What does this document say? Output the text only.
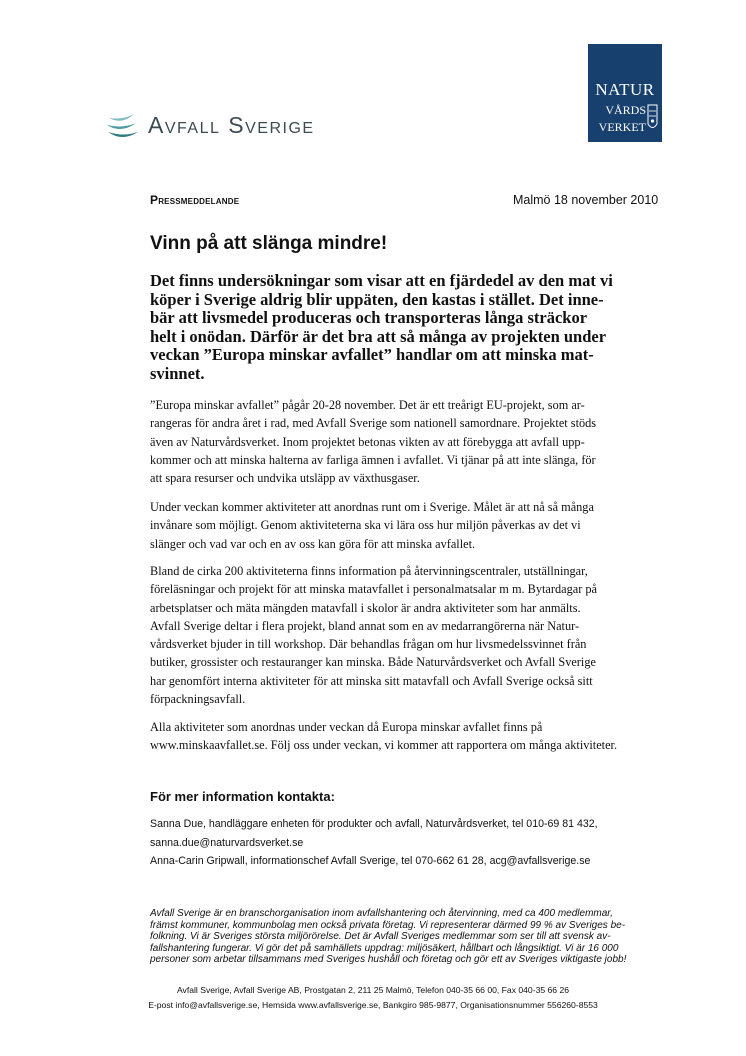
Avfall Sverige
NATUR
VÅRDS
VERKET
Pressmeddelande	Malmö 18 november 2010
Vinn på att slänga mindre!
Det finns undersökningar som visar att en fjärdedel av den mat vi
köper i Sverige aldrig blir uppäten, den kastas i stället. Det inne-
bär att livsmedel produceras och transporteras långa sträckor
helt i onödan. Därför är det bra att så många av projekten under
veckan ”Europa minskar avfallet” handlar om att minska mat-
svinnet.
”Europa minskar avfallet” pågår 20-28 november. Det är ett treårigt EU-projekt, som ar-
rangeras för andra året i rad, med Avfall Sverige som nationell samordnare. Projektet stöds
även av Naturvårdsverket. Inom projektet betonas vikten av att förebygga att avfall upp-
kommer och att minska halterna av farliga ämnen i avfallet. Vi tjänar på att inte slänga, för
att spara resurser och undvika utsläpp av växthusgaser.
Under veckan kommer aktiviteter att anordnas runt om i Sverige. Målet är att nå så många
invånare som möjligt. Genom aktiviteterna ska vi lära oss hur miljön påverkas av det vi
slänger och vad var och en av oss kan göra för att minska avfallet.
Bland de cirka 200 aktiviteterna finns information på återvinningscentraler, utställningar,
föreläsningar och projekt för att minska matavfallet i personalmatsalar m m. Bytardagar på
arbetsplatser och mäta mängden matavfall i skolor är andra aktiviteter som har anmälts.
Avfall Sverige deltar i flera projekt, bland annat som en av medarrangörerna när Natur-
vårdsverket bjuder in till workshop. Där behandlas frågan om hur livsmedelssvinnet från
butiker, grossister och restauranger kan minska. Både Naturvårdsverket och Avfall Sverige
har genomfört interna aktiviteter för att minska sitt matavfall och Avfall Sverige också sitt
förpackningsavfall.
Alla aktiviteter som anordnas under veckan då Europa minskar avfallet finns på
www.minskaavfallet.se. Följ oss under veckan, vi kommer att rapportera om många aktiviteter.
För mer information kontakta:
Sanna Due, handläggare enheten för produkter och avfall, Naturvårdsverket, tel 010-69 81 432,
sanna.due@naturvardsverket.se
Anna-Carin Gripwall, informationschef Avfall Sverige, tel 070-662 61 28, acg@avfallsverige.se
Avfall Sverige är en branschorganisation inom avfallshantering och återvinning, med ca 400 medlemmar,
främst kommuner, kommunbolag men också privata företag. Vi representerar därmed 99 % av Sveriges be-
folkning. Vi är Sveriges största miljörörelse. Det är Avfall Sveriges medlemmar som ser till att svensk av-
fallshantering fungerar. Vi gör det på samhällets uppdrag: miljösäkert, hållbart och långsiktigt. Vi är 16 000
personer som arbetar tillsammans med Sveriges hushåll och företag och gör ett av Sveriges viktigaste jobb!
Avfall Sverige, Avfall Sverige AB, Prostgatan 2, 211 25 Malmö, Telefon 040-35 66 00, Fax 040-35 66 26
E-post info@avfallsverige.se, Hemsida www.avfallsverige.se, Bankgiro 985-9877, Organisationsnummer 556260-8553
